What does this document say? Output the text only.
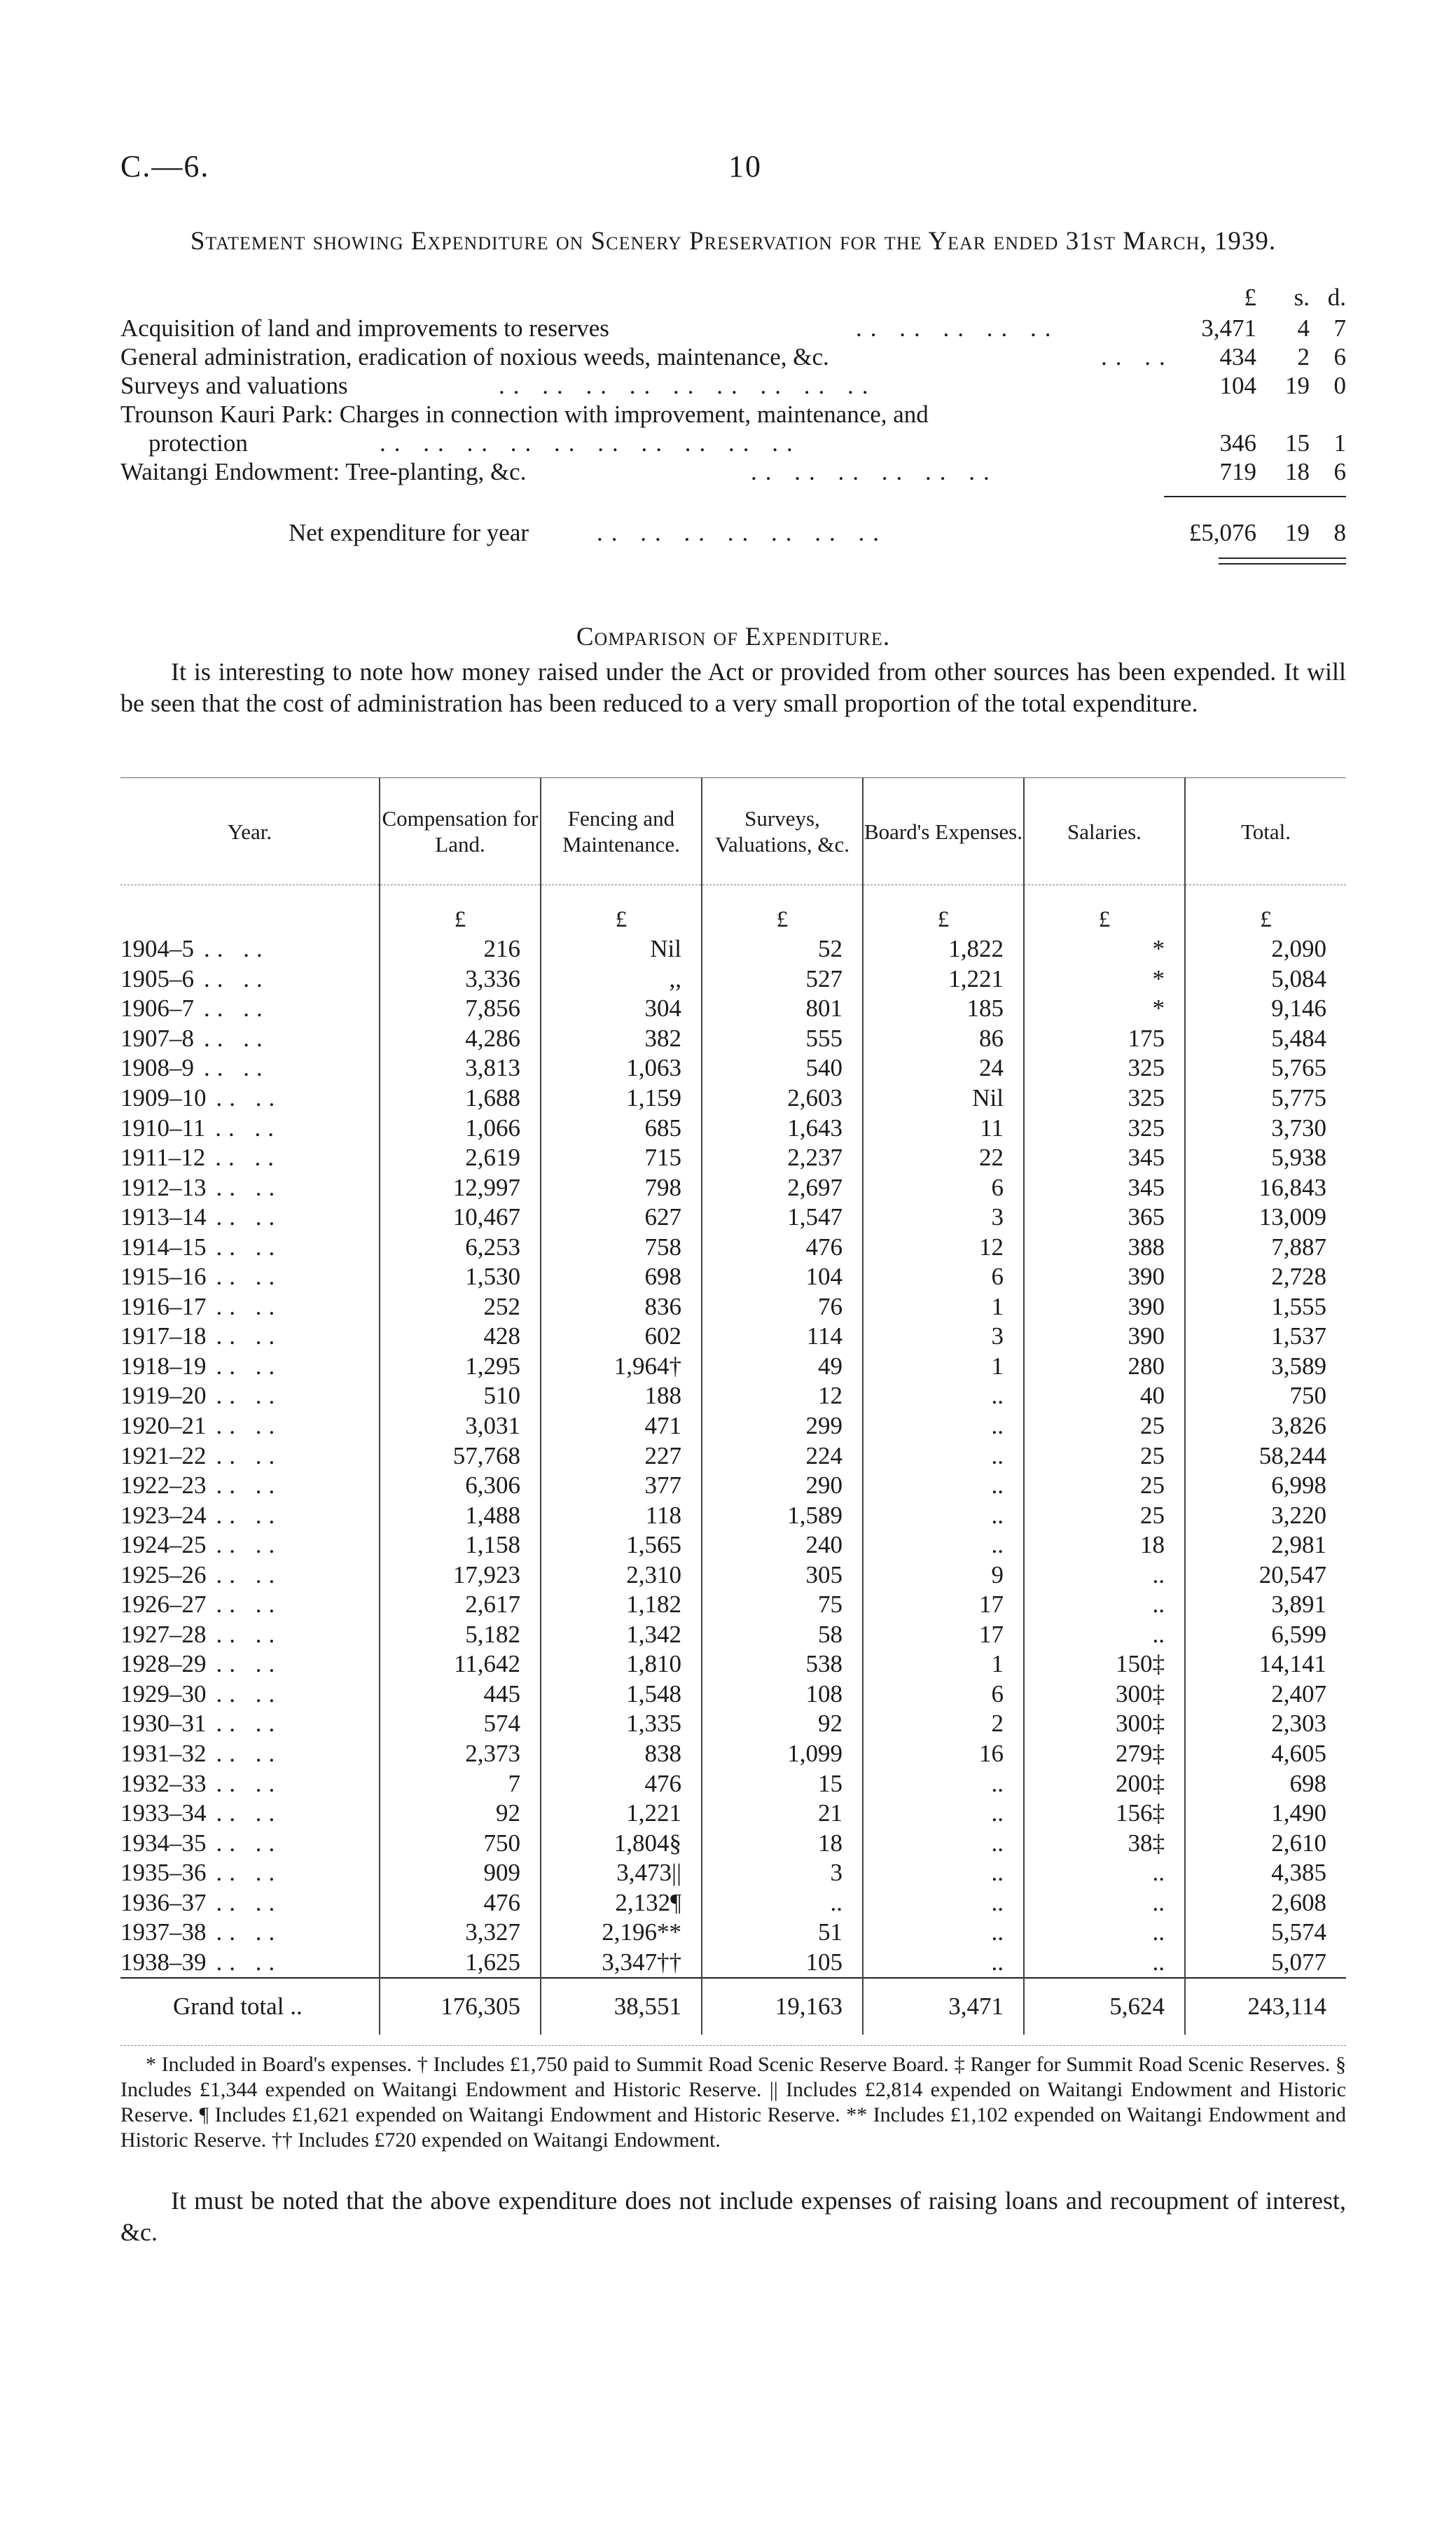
C.—6.	10
Statement showing Expenditure on Scenery Preservation for the Year ended 31st March, 1939.
£	s. d.
Acquisition of land and improvements to reserves	.. .. .. .. ..	3,471	4 7
General administration, eradication of noxious weeds, maintenance, &c.	.. .. 434	2 6
Surveys and valuations	.. .. .. .. .. .. .. .. ..	104	19 0
Trounson Kauri Park: Charges in connection with improvement, maintenance, and
protection	.. .. .. .. .. .. .. .. .. ..	346	15 1
Waitangi Endowment: Tree-planting, &c.	.. .. .. .. .. ..	719	18 6
Net expenditure for year	.. .. .. .. .. .. ..	£5,076	19 8
Comparison of Expenditure.
It is interesting to note how money raised under the Act or provided from other sources has been expended. It will be seen that the cost of administration has been reduced to a very small proportion of the total expenditure.
Year.	Compensation for Land.	Fencing and Maintenance.	Surveys, Valuations, &c.	Board's Expenses.	Salaries.	Total.
	£	£	£	£	£	£
1904–5 .. ..	216	Nil	52	1,822	*	2,090
1905–6 .. ..	3,336	,,	527	1,221	*	5,084
1906–7 .. ..	7,856	304	801	185	*	9,146
1907–8 .. ..	4,286	382	555	86	175	5,484
1908–9 .. ..	3,813	1,063	540	24	325	5,765
1909–10 .. ..	1,688	1,159	2,603	Nil	325	5,775
1910–11 .. ..	1,066	685	1,643	11	325	3,730
1911–12 .. ..	2,619	715	2,237	22	345	5,938
1912–13 .. ..	12,997	798	2,697	6	345	16,843
1913–14 .. ..	10,467	627	1,547	3	365	13,009
1914–15 .. ..	6,253	758	476	12	388	7,887
1915–16 .. ..	1,530	698	104	6	390	2,728
1916–17 .. ..	252	836	76	1	390	1,555
1917–18 .. ..	428	602	114	3	390	1,537
1918–19 .. ..	1,295	1,964†	49	1	280	3,589
1919–20 .. ..	510	188	12	..	40	750
1920–21 .. ..	3,031	471	299	..	25	3,826
1921–22 .. ..	57,768	227	224	..	25	58,244
1922–23 .. ..	6,306	377	290	..	25	6,998
1923–24 .. ..	1,488	118	1,589	..	25	3,220
1924–25 .. ..	1,158	1,565	240	..	18	2,981
1925–26 .. ..	17,923	2,310	305	9	..	20,547
1926–27 .. ..	2,617	1,182	75	17	..	3,891
1927–28 .. ..	5,182	1,342	58	17	..	6,599
1928–29 .. ..	11,642	1,810	538	1	150‡	14,141
1929–30 .. ..	445	1,548	108	6	300‡	2,407
1930–31 .. ..	574	1,335	92	2	300‡	2,303
1931–32 .. ..	2,373	838	1,099	16	279‡	4,605
1932–33 .. ..	7	476	15	..	200‡	698
1933–34 .. ..	92	1,221	21	..	156‡	1,490
1934–35 .. ..	750	1,804§	18	..	38‡	2,610
1935–36 .. ..	909	3,473||	3	..	..	4,385
1936–37 .. ..	476	2,132¶	..	..	..	2,608
1937–38 .. ..	3,327	2,196**	51	..	..	5,574
1938–39 .. ..	1,625	3,347††	105	..	..	5,077
Grand total ..	176,305	38,551	19,163	3,471	5,624	243,114
* Included in Board's expenses. † Includes £1,750 paid to Summit Road Scenic Reserve Board. ‡ Ranger for Summit Road Scenic Reserves. § Includes £1,344 expended on Waitangi Endowment and Historic Reserve. || Includes £2,814 expended on Waitangi Endowment and Historic Reserve. ¶ Includes £1,621 expended on Waitangi Endowment and Historic Reserve. ** Includes £1,102 expended on Waitangi Endowment and Historic Reserve. †† Includes £720 expended on Waitangi Endowment.
It must be noted that the above expenditure does not include expenses of raising loans and recoupment of interest, &c.
